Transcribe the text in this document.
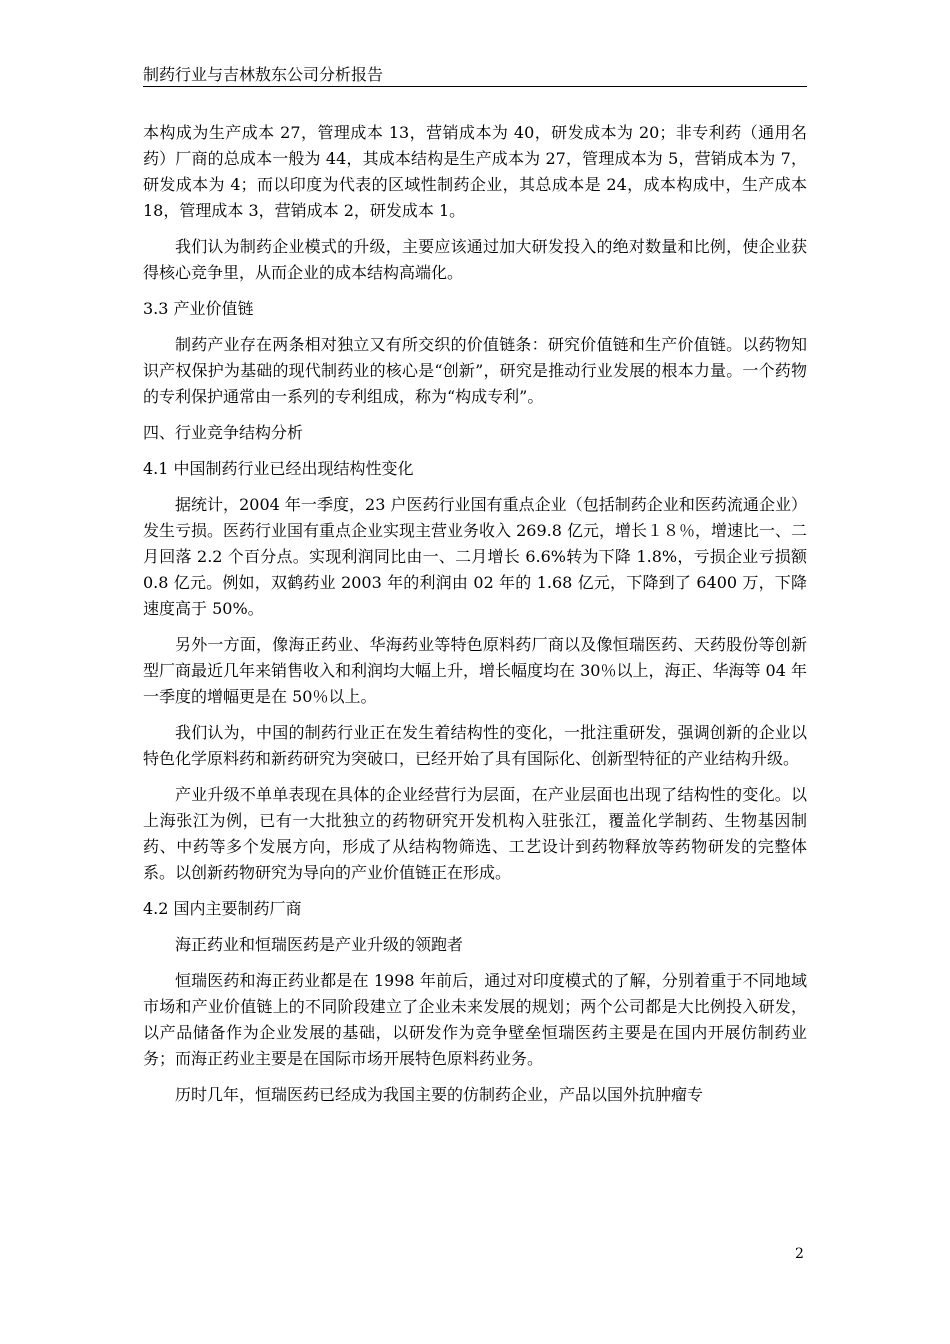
制药行业与吉林敖东公司分析报告

本构成为生产成本 27，管理成本 13，营销成本为 40，研发成本为 20；非专利药（通用名药）厂商的总成本一般为 44，其成本结构是生产成本为 27，管理成本为 5，营销成本为 7，研发成本为 4；而以印度为代表的区域性制药企业，其总成本是 24，成本构成中，生产成本 18，管理成本 3，营销成本 2，研发成本 1。

我们认为制药企业模式的升级，主要应该通过加大研发投入的绝对数量和比例，使企业获得核心竞争里，从而企业的成本结构高端化。

3.3 产业价值链

制药产业存在两条相对独立又有所交织的价值链条：研究价值链和生产价值链。以药物知识产权保护为基础的现代制药业的核心是“创新”，研究是推动行业发展的根本力量。一个药物的专利保护通常由一系列的专利组成，称为“构成专利”。

四、行业竞争结构分析

4.1 中国制药行业已经出现结构性变化

据统计，2004 年一季度，23 户医药行业国有重点企业（包括制药企业和医药流通企业）发生亏损。医药行业国有重点企业实现主营业务收入 269.8 亿元，增长１８％，增速比一、二月回落 2.2 个百分点。实现利润同比由一、二月增长 6.6%转为下降 1.8%，亏损企业亏损额 0.8 亿元。例如，双鹤药业 2003 年的利润由 02 年的 1.68 亿元，下降到了 6400 万，下降速度高于 50%。

另外一方面，像海正药业、华海药业等特色原料药厂商以及像恒瑞医药、天药股份等创新型厂商最近几年来销售收入和利润均大幅上升，增长幅度均在 30％以上，海正、华海等 04 年一季度的增幅更是在 50％以上。

我们认为，中国的制药行业正在发生着结构性的变化，一批注重研发，强调创新的企业以特色化学原料药和新药研究为突破口，已经开始了具有国际化、创新型特征的产业结构升级。

产业升级不单单表现在具体的企业经营行为层面，在产业层面也出现了结构性的变化。以上海张江为例，已有一大批独立的药物研究开发机构入驻张江，覆盖化学制药、生物基因制药、中药等多个发展方向，形成了从结构物筛选、工艺设计到药物释放等药物研发的完整体系。以创新药物研究为导向的产业价值链正在形成。

4.2 国内主要制药厂商

海正药业和恒瑞医药是产业升级的领跑者

恒瑞医药和海正药业都是在 1998 年前后，通过对印度模式的了解，分别着重于不同地域市场和产业价值链上的不同阶段建立了企业未来发展的规划；两个公司都是大比例投入研发，以产品储备作为企业发展的基础，以研发作为竞争壁垒恒瑞医药主要是在国内开展仿制药业务；而海正药业主要是在国际市场开展特色原料药业务。

历时几年，恒瑞医药已经成为我国主要的仿制药企业，产品以国外抗肿瘤专

2
